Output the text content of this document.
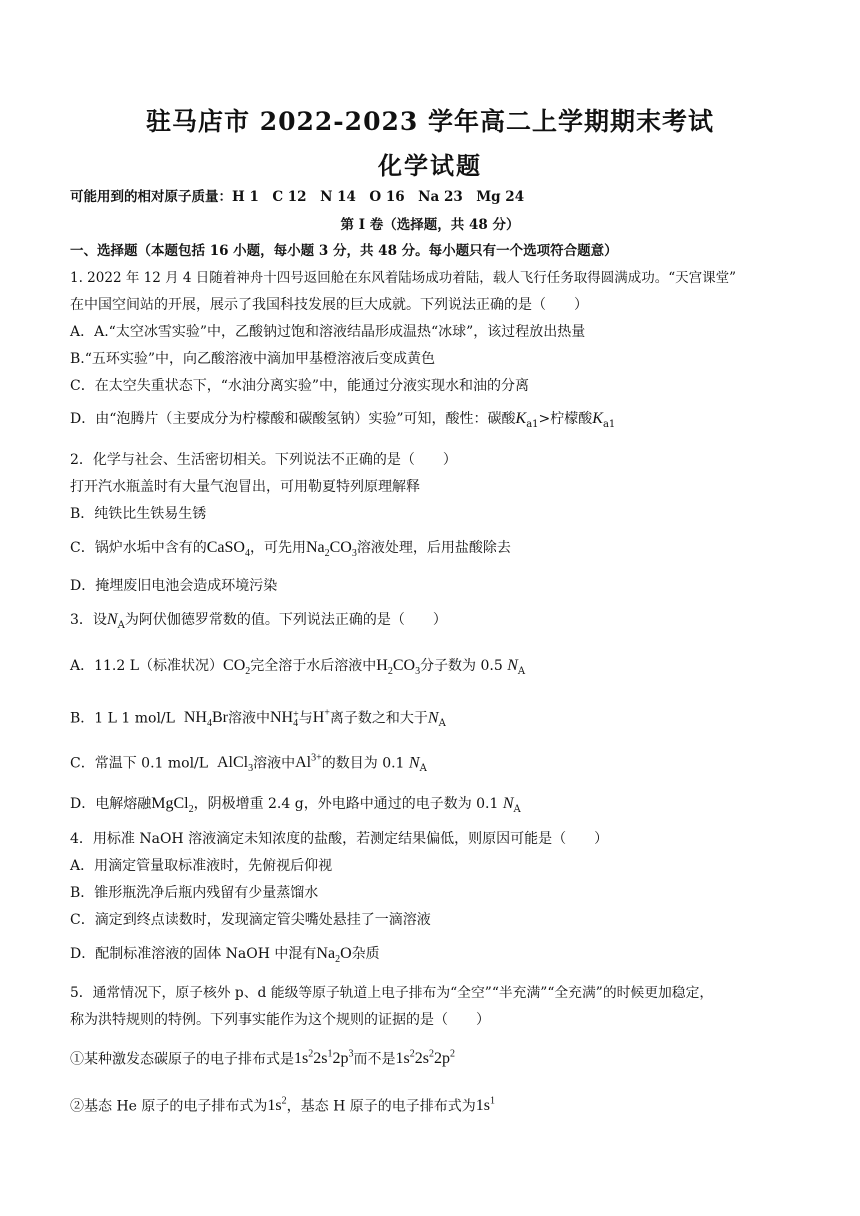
驻马店市 2022-2023 学年高二上学期期末考试
化学试题
可能用到的相对原子质量：H 1　C 12　N 14　O 16　Na 23　Mg 24
第 I 卷（选择题，共 48 分）
一、选择题（本题包括 16 小题，每小题 3 分，共 48 分。每小题只有一个选项符合题意）
1. 2022 年 12 月 4 日随着神舟十四号返回舱在东风着陆场成功着陆，载人飞行任务取得圆满成功。“天宫课堂”
在中国空间站的开展，展示了我国科技发展的巨大成就。下列说法正确的是（　　）
A．A.“太空冰雪实验”中，乙酸钠过饱和溶液结晶形成温热“冰球”，该过程放出热量
B.“五环实验”中，向乙酸溶液中滴加甲基橙溶液后变成黄色
C．在太空失重状态下，“水油分离实验”中，能通过分液实现水和油的分离
D．由“泡腾片（主要成分为柠檬酸和碳酸氢钠）实验”可知，酸性：碳酸$K_{a1}>$柠檬酸$K_{a1}$
2．化学与社会、生活密切相关。下列说法不正确的是（　　）
打开汽水瓶盖时有大量气泡冒出，可用勒夏特列原理解释
B．纯铁比生铁易生锈
C．锅炉水垢中含有的CaSO$_4$，可先用$Na_2CO_3$溶液处理，后用盐酸除去
D．掩埋废旧电池会造成环境污染
3．设$N_A$为阿伏伽德罗常数的值。下列说法正确的是（　　）
A．11.2 L（标准状况）$CO_2$完全溶于水后溶液中$H_2CO_3$分子数为 0.5 $N_A$
B．1 L 1 mol/L $NH_4Br$溶液中NH +
4 与H+离子数之和大于$N_A$
C．常温下 0.1 mol/L AlCl$_3$溶液中$Al^{3+}$的数目为 0.1 $N_A$
D．电解熔融MgCl$_2$，阴极增重 2.4 g，外电路中通过的电子数为 0.1 $N_A$
4．用标准 NaOH 溶液滴定未知浓度的盐酸，若测定结果偏低，则原因可能是（　　）
A．用滴定管量取标准液时，先俯视后仰视
B．锥形瓶洗净后瓶内残留有少量蒸馏水
C．滴定到终点读数时，发现滴定管尖嘴处悬挂了一滴溶液
D．配制标准溶液的固体 NaOH 中混有$Na_2O$杂质
5．通常情况下，原子核外 p、d 能级等原子轨道上电子排布为“全空”“半充满”“全充满”的时候更加稳定，
称为洪特规则的特例。下列事实能作为这个规则的证据的是（　　）
①某种激发态碳原子的电子排布式是$1s^22s^12p^3$而不是$1s^22s^22p^2$
②基态 He 原子的电子排布式为$1s^2$，基态 H 原子的电子排布式为$1s^1$
